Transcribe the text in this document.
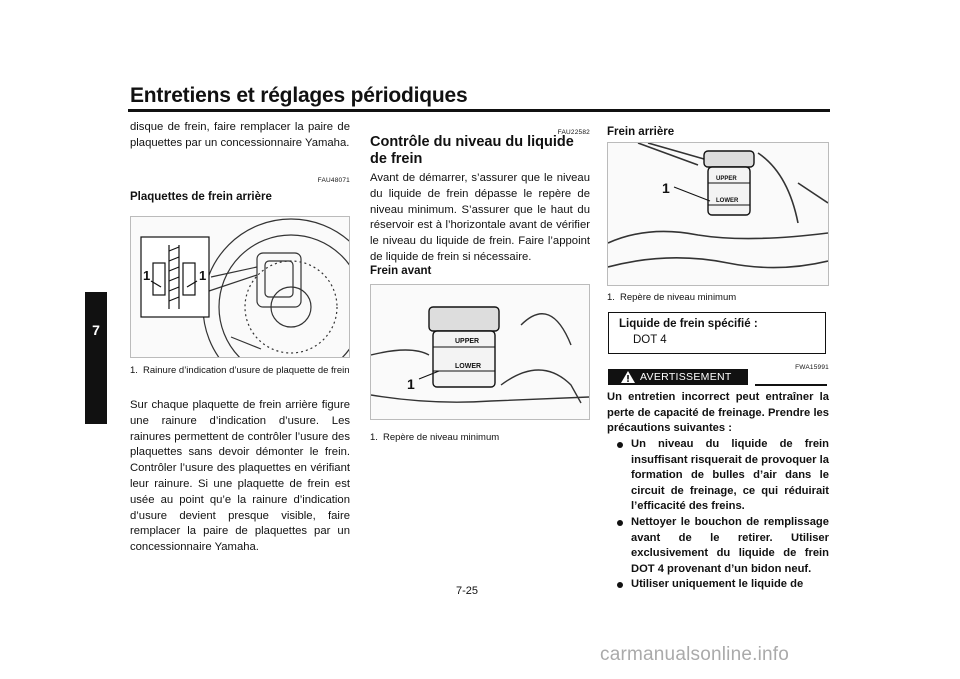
Entretiens et réglages périodiques
7
disque de frein, faire remplacer la paire de plaquettes par un concessionnaire Yamaha.
FAU48071
Plaquettes de frein arrière
1	1
1. Rainure d’indication d’usure de plaquette de frein
Sur chaque plaquette de frein arrière figure une rainure d’indication d’usure. Les rainures permettent de contrôler l’usure des plaquettes sans devoir démonter le frein. Contrôler l’usure des plaquettes en vérifiant leur rainure. Si une plaquette de frein est usée au point qu’e la rainure d’indication d’usure devient presque visible, faire remplacer la paire de plaquettes par un concessionnaire Yamaha.
FAU22582
Contrôle du niveau du liquide de frein
Avant de démarrer, s’assurer que le niveau du liquide de frein dépasse le repère de niveau minimum. S’assurer que le haut du réservoir est à l’horizontale avant de vérifier le niveau du liquide de frein. Faire l’appoint de liquide de frein si nécessaire.
Frein avant
UPPER
LOWER
1
1. Repère de niveau minimum
Frein arrière
UPPER
LOWER
1
1. Repère de niveau minimum
Liquide de frein spécifié :
DOT 4
FWA15991
AVERTISSEMENT
Un entretien incorrect peut entraîner la perte de capacité de freinage. Prendre les précautions suivantes :
Un niveau du liquide de frein insuffisant risquerait de provoquer la formation de bulles d’air dans le circuit de freinage, ce qui réduirait l’efficacité des freins.
Nettoyer le bouchon de remplissage avant de le retirer. Utiliser exclusivement du liquide de frein DOT 4 provenant d’un bidon neuf.
Utiliser uniquement le liquide de
7-25
carmanualsonline.info
